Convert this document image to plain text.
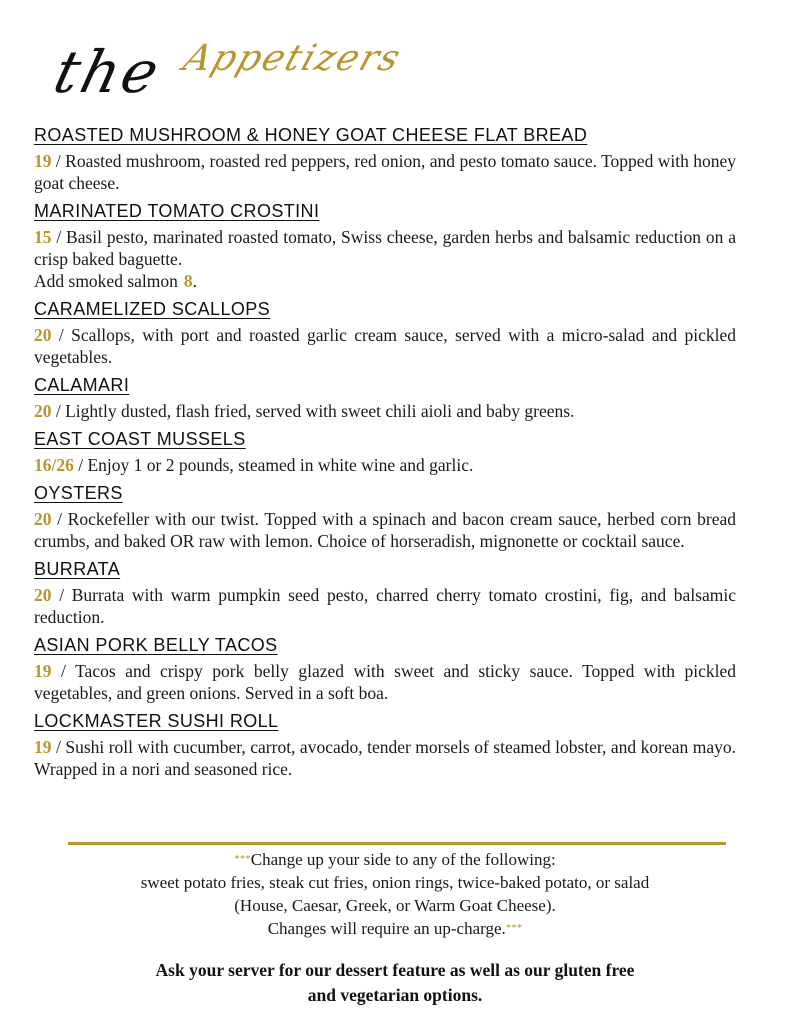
the Appetizers
ROASTED MUSHROOM & HONEY GOAT CHEESE FLAT BREAD

19 / Roasted mushroom, roasted red peppers, red onion, and pesto tomato sauce. Topped with honey goat cheese.

MARINATED TOMATO CROSTINI

15 / Basil pesto, marinated roasted tomato, Swiss cheese, garden herbs and balsamic reduction on a crisp baked baguette.

Add smoked salmon 8.
CARAMELIZED SCALLOPS

20 / Scallops, with port and roasted garlic cream sauce, served with a micro-salad and pickled vegetables.

CALAMARI

20 / Lightly dusted, flash fried, served with sweet chili aioli and baby greens.

EAST COAST MUSSELS

16/26 / Enjoy 1 or 2 pounds, steamed in white wine and garlic.

OYSTERS

20 / Rockefeller with our twist. Topped with a spinach and bacon cream sauce, herbed corn bread crumbs, and baked OR raw with lemon. Choice of horseradish, mignonette or cocktail sauce.

BURRATA

20 / Burrata with warm pumpkin seed pesto, charred cherry tomato crostini, fig, and balsamic reduction.

ASIAN PORK BELLY TACOS

19 / Tacos and crispy pork belly glazed with sweet and sticky sauce. Topped with pickled vegetables, and green onions. Served in a soft boa.

LOCKMASTER SUSHI ROLL

19 / Sushi roll with cucumber, carrot, avocado, tender morsels of steamed lobster, and korean mayo. Wrapped in a nori and seasoned rice.

***Change up your side to any of the following:
sweet potato fries, steak cut fries, onion rings, twice-baked potato, or salad
(House, Caesar, Greek, or Warm Goat Cheese).
Changes will require an up-charge.***
Ask your server for our dessert feature as well as our gluten free
and vegetarian options.
